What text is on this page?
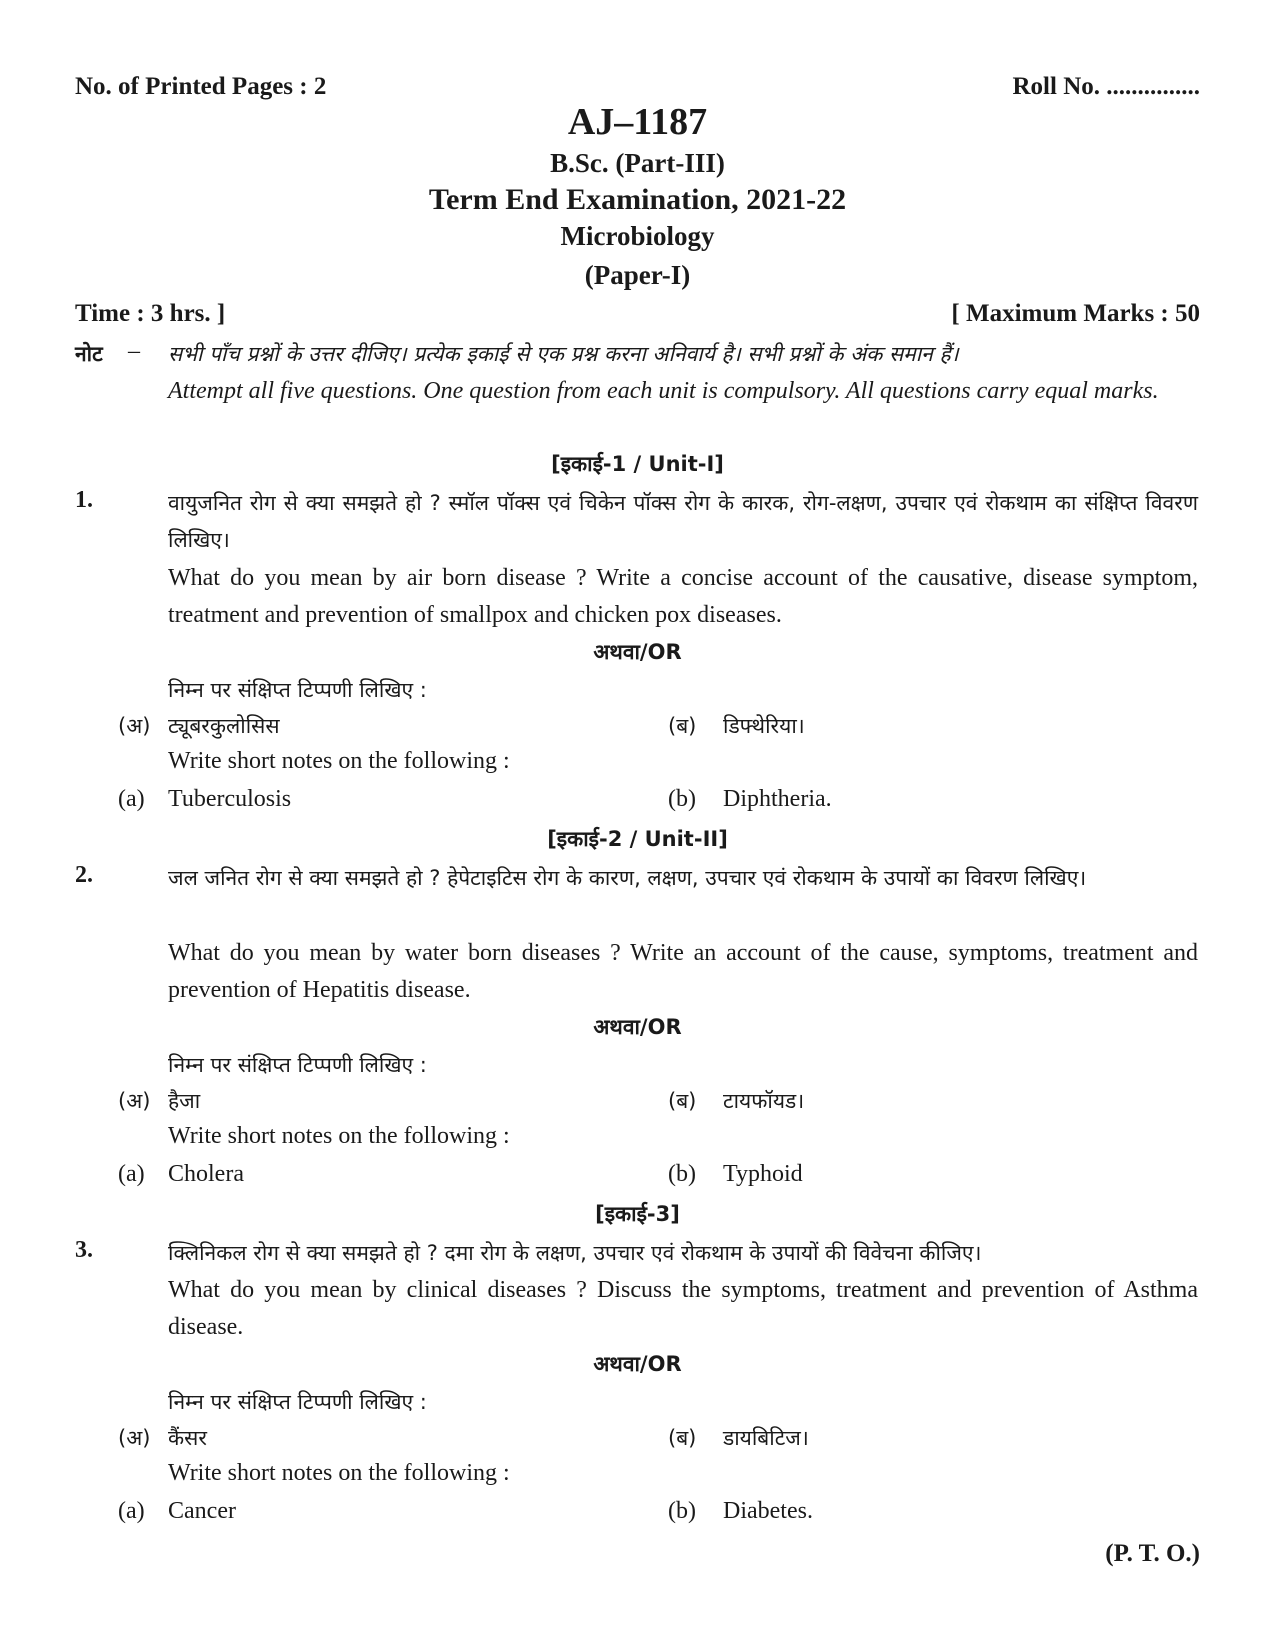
No. of Printed Pages : 2	Roll No. ...............
AJ–1187
B.Sc. (Part-III)
Term End Examination, 2021-22
Microbiology
(Paper-I)
Time : 3 hrs. ]	[ Maximum Marks : 50
नोट – सभी पाँच प्रश्नों के उत्तर दीजिए। प्रत्येक इकाई से एक प्रश्न करना अनिवार्य है। सभी प्रश्नों के अंक समान हैं।
Attempt all five questions. One question from each unit is compulsory. All questions carry equal marks.
[इकाई-1 / Unit-I]
1.	वायुजनित रोग से क्या समझते हो ? स्मॉल पॉक्स एवं चिकेन पॉक्स रोग के कारक, रोग-लक्षण, उपचार एवं रोकथाम का संक्षिप्त विवरण लिखिए।
What do you mean by air born disease ? Write a concise account of the causative, disease symptom, treatment and prevention of smallpox and chicken pox diseases.
अथवा/OR
निम्न पर संक्षिप्त टिप्पणी लिखिए :
(अ) ट्यूबरकुलोसिस	(ब) डिफ्थेरिया।
Write short notes on the following :
(a) Tuberculosis	(b) Diphtheria.
[इकाई-2 / Unit-II]
2.	जल जनित रोग से क्या समझते हो ? हेपेटाइटिस रोग के कारण, लक्षण, उपचार एवं रोकथाम के उपायों का विवरण लिखिए।
What do you mean by water born diseases ? Write an account of the cause, symptoms, treatment and prevention of Hepatitis disease.
अथवा/OR
निम्न पर संक्षिप्त टिप्पणी लिखिए :
(अ) हैजा	(ब) टायफॉयड।
Write short notes on the following :
(a) Cholera	(b) Typhoid
[इकाई-3]
3.	क्लिनिकल रोग से क्या समझते हो ? दमा रोग के लक्षण, उपचार एवं रोकथाम के उपायों की विवेचना कीजिए।
What do you mean by clinical diseases ? Discuss the symptoms, treatment and prevention of Asthma disease.
अथवा/OR
निम्न पर संक्षिप्त टिप्पणी लिखिए :
(अ) कैंसर	(ब) डायबिटिज।
Write short notes on the following :
(a) Cancer	(b) Diabetes.
(P. T. O.)
